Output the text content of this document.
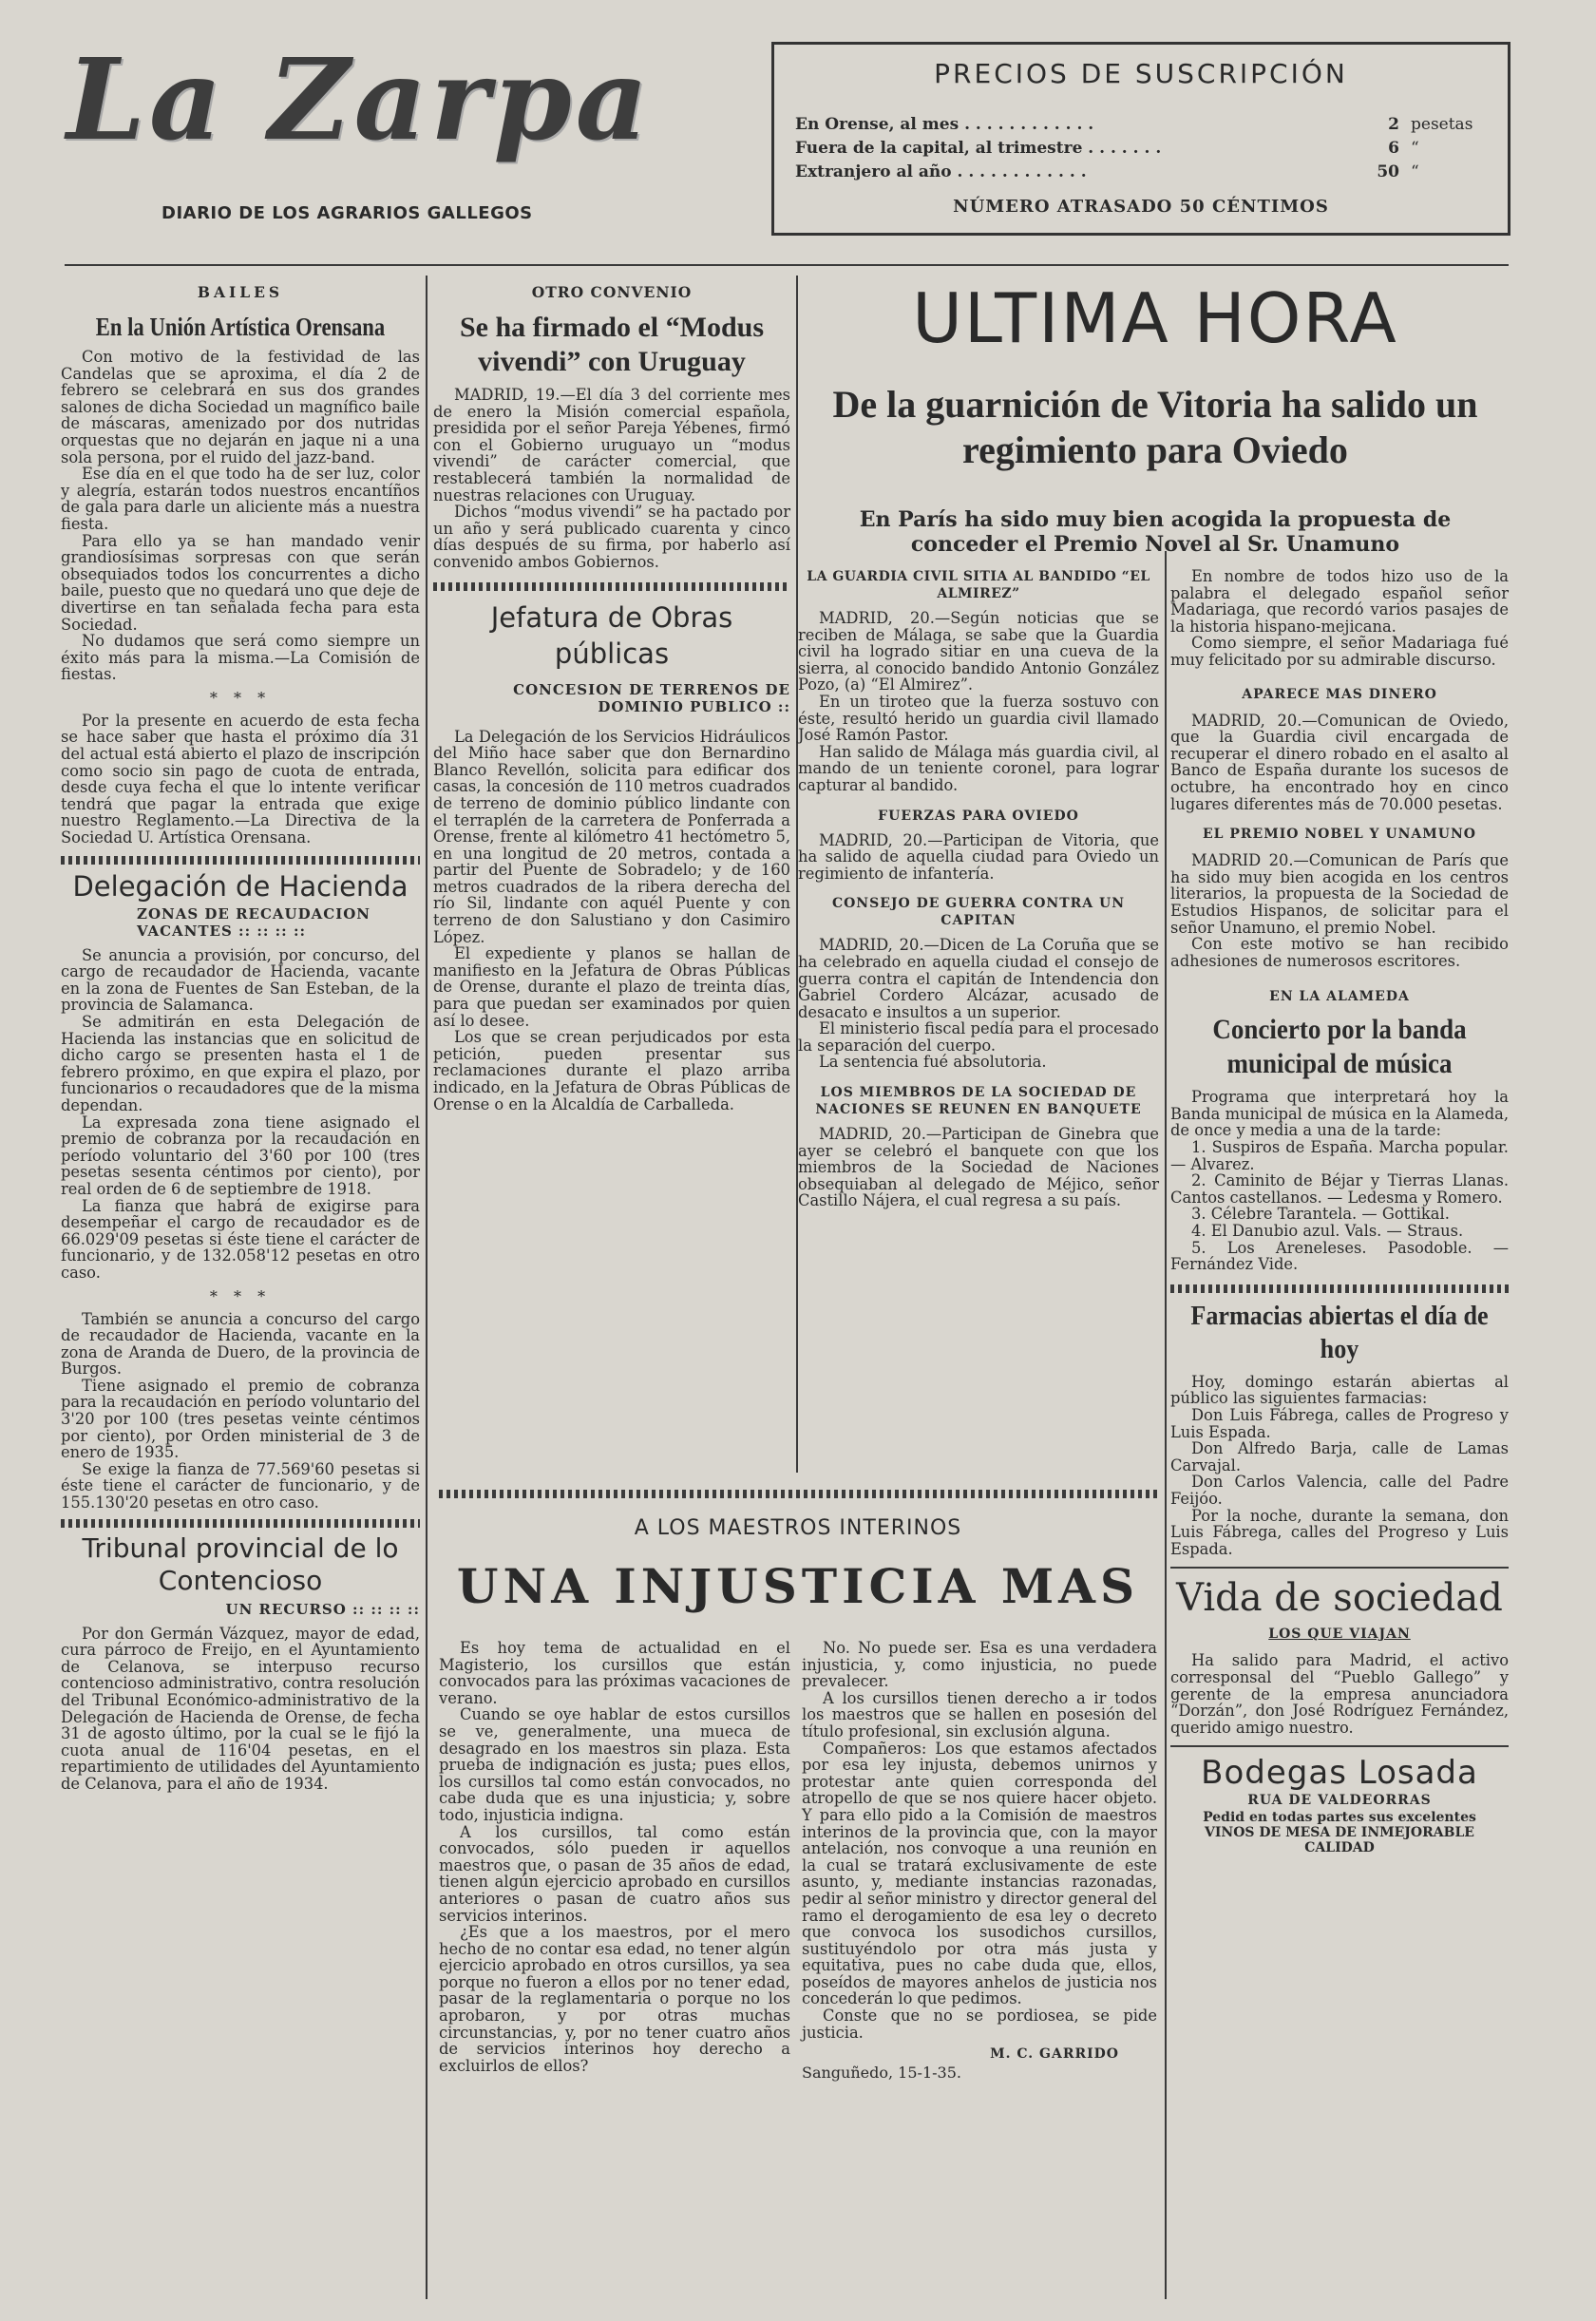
La Zarpa
DIARIO DE LOS AGRARIOS GALLEGOS
PRECIOS DE SUSCRIPCIÓN
En Orense, al mes . . . . . . . . . . . .	2 pesetas
Fuera de la capital, al trimestre . . . . . . .	6 “
Extranjero al año . . . . . . . . . . . .	50 “
NÚMERO ATRASADO 50 CÉNTIMOS
BAILES
En la Unión Artística Orensana

Con motivo de la festividad de las Candelas que se aproxima, el día 2 de febrero se celebrará en sus dos grandes salones de dicha Sociedad un magnífico baile de máscaras, amenizado por dos nutridas orquestas que no dejarán en jaque ni a una sola persona, por el ruido del jazz-band.

Ese día en el que todo ha de ser luz, color y alegría, estarán todos nuestros encantíños de gala para darle un aliciente más a nuestra fiesta.

Para ello ya se han mandado venir grandiosísimas sorpresas con que serán obsequiados todos los concurrentes a dicho baile, puesto que no quedará uno que deje de divertirse en tan señalada fecha para esta Sociedad.

No dudamos que será como siempre un éxito más para la misma.—La Comisión de fiestas.

* * *

Por la presente en acuerdo de esta fecha se hace saber que hasta el próximo día 31 del actual está abierto el plazo de inscripción como socio sin pago de cuota de entrada, desde cuya fecha el que lo intente verificar tendrá que pagar la entrada que exige nuestro Reglamento.—La Directiva de la Sociedad U. Artística Orensana.

Delegación de Hacienda
ZONAS DE RECAUDACION VACANTES :: :: :: ::

Se anuncia a provisión, por concurso, del cargo de recaudador de Hacienda, vacante en la zona de Fuentes de San Esteban, de la provincia de Salamanca.

Se admitirán en esta Delegación de Hacienda las instancias que en solicitud de dicho cargo se presenten hasta el 1 de febrero próximo, en que expira el plazo, por funcionarios o recaudadores que de la misma dependan.

La expresada zona tiene asignado el premio de cobranza por la recaudación en período voluntario del 3'60 por 100 (tres pesetas sesenta céntimos por ciento), por real orden de 6 de septiembre de 1918.

La fianza que habrá de exigirse para desempeñar el cargo de recaudador es de 66.029'09 pesetas si éste tiene el carácter de funcionario, y de 132.058'12 pesetas en otro caso.

* * *

También se anuncia a concurso del cargo de recaudador de Hacienda, vacante en la zona de Aranda de Duero, de la provincia de Burgos.

Tiene asignado el premio de cobranza para la recaudación en período voluntario del 3'20 por 100 (tres pesetas veinte céntimos por ciento), por Orden ministerial de 3 de enero de 1935.

Se exige la fianza de 77.569'60 pesetas si éste tiene el carácter de funcionario, y de 155.130'20 pesetas en otro caso.

Tribunal provincial de lo Contencioso
UN RECURSO :: :: :: ::

Por don Germán Vázquez, mayor de edad, cura párroco de Freijo, en el Ayuntamiento de Celanova, se interpuso recurso contencioso administrativo, contra resolución del Tribunal Económico-administrativo de la Delegación de Hacienda de Orense, de fecha 31 de agosto último, por la cual se le fijó la cuota anual de 116'04 pesetas, en el repartimiento de utilidades del Ayuntamiento de Celanova, para el año de 1934.

OTRO CONVENIO
Se ha firmado el “Modus vivendi” con Uruguay

MADRID, 19.—El día 3 del corriente mes de enero la Misión comercial española, presidida por el señor Pareja Yébenes, firmó con el Gobierno uruguayo un “modus vivendi” de carácter comercial, que restablecerá también la normalidad de nuestras relaciones con Uruguay.

Dichos “modus vivendi” se ha pactado por un año y será publicado cuarenta y cinco días después de su firma, por haberlo así convenido ambos Gobiernos.

Jefatura de Obras públicas
CONCESION DE TERRENOS DE DOMINIO PUBLICO ::

La Delegación de los Servicios Hidráulicos del Miño hace saber que don Bernardino Blanco Revellón, solicita para edificar dos casas, la concesión de 110 metros cuadrados de terreno de dominio público lindante con el terraplén de la carretera de Ponferrada a Orense, frente al kilómetro 41 hectómetro 5, en una longitud de 20 metros, contada a partir del Puente de Sobradelo; y de 160 metros cuadrados de la ribera derecha del río Sil, lindante con aquél Puente y con terreno de don Salustiano y don Casimiro López.

El expediente y planos se hallan de manifiesto en la Jefatura de Obras Públicas de Orense, durante el plazo de treinta días, para que puedan ser examinados por quien así lo desee.

Los que se crean perjudicados por esta petición, pueden presentar sus reclamaciones durante el plazo arriba indicado, en la Jefatura de Obras Públicas de Orense o en la Alcaldía de Carballeda.

ULTIMA HORA
De la guarnición de Vitoria ha salido un regimiento para Oviedo
En París ha sido muy bien acogida la propuesta de conceder el Premio Novel al Sr. Unamuno
LA GUARDIA CIVIL SITIA AL BANDIDO “EL ALMIREZ”

MADRID, 20.—Según noticias que se reciben de Málaga, se sabe que la Guardia civil ha logrado sitiar en una cueva de la sierra, al conocido bandido Antonio González Pozo, (a) “El Almirez”.

En un tiroteo que la fuerza sostuvo con éste, resultó herido un guardia civil llamado José Ramón Pastor.

Han salido de Málaga más guardia civil, al mando de un teniente coronel, para lograr capturar al bandido.

FUERZAS PARA OVIEDO

MADRID, 20.—Participan de Vitoria, que ha salido de aquella ciudad para Oviedo un regimiento de infantería.

CONSEJO DE GUERRA CONTRA UN CAPITAN

MADRID, 20.—Dicen de La Coruña que se ha celebrado en aquella ciudad el consejo de guerra contra el capitán de Intendencia don Gabriel Cordero Alcázar, acusado de desacato e insultos a un superior.

El ministerio fiscal pedía para el procesado la separación del cuerpo.

La sentencia fué absolutoria.

LOS MIEMBROS DE LA SOCIEDAD DE NACIONES SE REUNEN EN BANQUETE

MADRID, 20.—Participan de Ginebra que ayer se celebró el banquete con que los miembros de la Sociedad de Naciones obsequiaban al delegado de Méjico, señor Castillo Nájera, el cual regresa a su país.

En nombre de todos hizo uso de la palabra el delegado español señor Madariaga, que recordó varios pasajes de la historia hispano-mejicana.

Como siempre, el señor Madariaga fué muy felicitado por su admirable discurso.

APARECE MAS DINERO

MADRID, 20.—Comunican de Oviedo, que la Guardia civil encargada de recuperar el dinero robado en el asalto al Banco de España durante los sucesos de octubre, ha encontrado hoy en cinco lugares diferentes más de 70.000 pesetas.

EL PREMIO NOBEL Y UNAMUNO

MADRID 20.—Comunican de París que ha sido muy bien acogida en los centros literarios, la propuesta de la Sociedad de Estudios Hispanos, de solicitar para el señor Unamuno, el premio Nobel.

Con este motivo se han recibido adhesiones de numerosos escritores.

EN LA ALAMEDA
Concierto por la banda municipal de música

Programa que interpretará hoy la Banda municipal de música en la Alameda, de once y media a una de la tarde:

1. Suspiros de España. Marcha popular. — Alvarez.

2. Caminito de Béjar y Tierras Llanas. Cantos castellanos. — Ledesma y Romero.

3. Célebre Tarantela. — Gottikal.

4. El Danubio azul. Vals. — Straus.

5. Los Areneleses. Pasodoble. — Fernández Vide.

Farmacias abiertas el día de hoy

Hoy, domingo estarán abiertas al público las siguientes farmacias:

Don Luis Fábrega, calles de Progreso y Luis Espada.

Don Alfredo Barja, calle de Lamas Carvajal.

Don Carlos Valencia, calle del Padre Feijóo.

Por la noche, durante la semana, don Luis Fábrega, calles del Progreso y Luis Espada.

Vida de sociedad
LOS QUE VIAJAN

Ha salido para Madrid, el activo corresponsal del “Pueblo Gallego” y gerente de la empresa anunciadora “Dorzán”, don José Rodríguez Fernández, querido amigo nuestro.

Bodegas Losada
RUA DE VALDEORRAS
Pedid en todas partes sus excelentes
VINOS DE MESA DE INMEJORABLE
CALIDAD
A LOS MAESTROS INTERINOS
UNA INJUSTICIA MAS

Es hoy tema de actualidad en el Magisterio, los cursillos que están convocados para las próximas vacaciones de verano.

Cuando se oye hablar de estos cursillos se ve, generalmente, una mueca de desagrado en los maestros sin plaza. Esta prueba de indignación es justa; pues ellos, los cursillos tal como están convocados, no cabe duda que es una injusticia; y, sobre todo, injusticia indigna.

A los cursillos, tal como están convocados, sólo pueden ir aquellos maestros que, o pasan de 35 años de edad, tienen algún ejercicio aprobado en cursillos anteriores o pasan de cuatro años sus servicios interinos.

¿Es que a los maestros, por el mero hecho de no contar esa edad, no tener algún ejercicio aprobado en otros cursillos, ya sea porque no fueron a ellos por no tener edad, pasar de la reglamentaria o porque no los aprobaron, y por otras muchas circunstancias, y, por no tener cuatro años de servicios interinos hoy derecho a excluirlos de ellos?

No. No puede ser. Esa es una verdadera injusticia, y, como injusticia, no puede prevalecer.

A los cursillos tienen derecho a ir todos los maestros que se hallen en posesión del título profesional, sin exclusión alguna.

Compañeros: Los que estamos afectados por esa ley injusta, debemos unirnos y protestar ante quien corresponda del atropello de que se nos quiere hacer objeto. Y para ello pido a la Comisión de maestros interinos de la provincia que, con la mayor antelación, nos convoque a una reunión en la cual se tratará exclusivamente de este asunto, y, mediante instancias razonadas, pedir al señor ministro y director general del ramo el derogamiento de esa ley o decreto que convoca los susodichos cursillos, sustituyéndolo por otra más justa y equitativa, pues no cabe duda que, ellos, poseídos de mayores anhelos de justicia nos concederán lo que pedimos.

Conste que no se pordiosea, se pide justicia.

M. C. GARRIDO
Sanguñedo, 15-1-35.
